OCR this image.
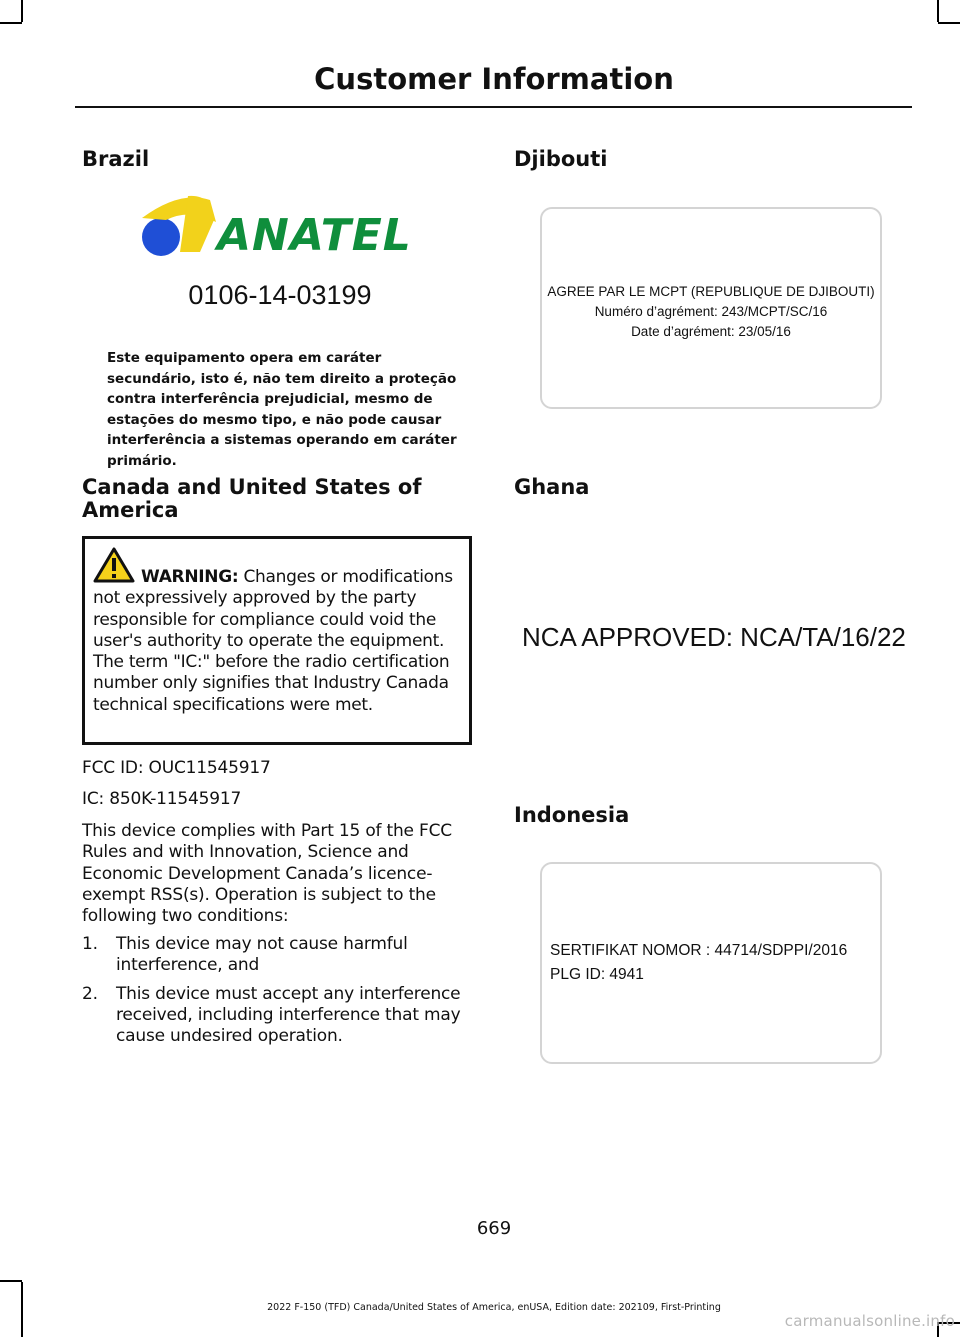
Customer Information
Brazil
ANATEL
0106-14-03199
Este equipamento opera em caráter secundário, isto é, não tem direito a proteção contra interferência prejudicial, mesmo de estações do mesmo tipo, e não pode causar interferência a sistemas operando em caráter primário.
Canada and United States of America
WARNING: Changes or modifications not expressively approved by the party responsible for compliance could void the user's authority to operate the equipment. The term "IC:" before the radio certification number only signifies that Industry Canada technical specifications were met.

FCC ID: OUC11545917

IC: 850K-11545917

This device complies with Part 15 of the FCC Rules and with Innovation, Science and Economic Development Canada’s licence-exempt RSS(s). Operation is subject to the following two conditions:

1. This device may not cause harmful interference, and
2. This device must accept any interference received, including interference that may cause undesired operation.
Djibouti
AGREE PAR LE MCPT (REPUBLIQUE DE DJIBOUTI)
Numéro d’agrément: 243/MCPT/SC/16
Date d’agrément: 23/05/16
Ghana
NCA APPROVED: NCA/TA/16/22
Indonesia
SERTIFIKAT NOMOR : 44714/SDPPI/2016
PLG ID: 4941
669
2022 F-150 (TFD) Canada/United States of America, enUSA, Edition date: 202109, First-Printing
carmanualsonline.info
